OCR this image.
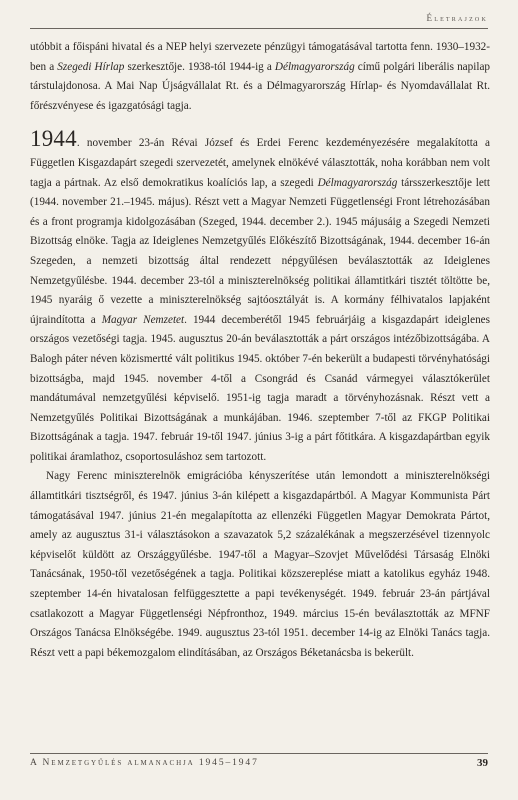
Életrajzok

utóbbit a főispáni hivatal és a NEP helyi szervezete pénzügyi támogatásával tartotta fenn. 1930–1932-ben a Szegedi Hírlap szerkesztője. 1938-tól 1944-ig a Délmagyarország című polgári liberális napilap társtulajdonosa. A Mai Nap Újságvállalat Rt. és a Délmagyarország Hírlap- és Nyomdavállalat Rt. főrészvényese és igazgatósági tagja.

1944. november 23-án Révai József és Erdei Ferenc kezdeményezésére megalakította a Független Kisgazdapárt szegedi szervezetét, amelynek elnökévé választották, noha korábban nem volt tagja a pártnak. Az első demokratikus koalíciós lap, a szegedi Délmagyarország társszerkesztője lett (1944. november 21.–1945. május). Részt vett a Magyar Nemzeti Függetlenségi Front létrehozásában és a front programja kidolgozásában (Szeged, 1944. december 2.). 1945 májusáig a Szegedi Nemzeti Bizottság elnöke. Tagja az Ideiglenes Nemzetgyűlés Előkészítő Bizottságának, 1944. december 16-án Szegeden, a nemzeti bizottság által rendezett népgyűlésen beválasztották az Ideiglenes Nemzetgyűlésbe. 1944. december 23-tól a miniszterelnökség politikai államtitkári tisztét töltötte be, 1945 nyaráig ő vezette a miniszterelnökség sajtóosztályát is. A kormány félhivatalos lapjaként újraindította a Magyar Nemzetet. 1944 decemberétől 1945 februárjáig a kisgazdapárt ideiglenes országos vezetőségi tagja. 1945. augusztus 20-án beválasztották a párt országos intézőbizottságába. A Balogh páter néven közismertté vált politikus 1945. október 7-én bekerült a budapesti törvényhatósági bizottságba, majd 1945. november 4-től a Csongrád és Csanád vármegyei választókerület mandátumával nemzetgyűlési képviselő. 1951-ig tagja maradt a törvényhozásnak. Részt vett a Nemzetgyűlés Politikai Bizottságának a munkájában. 1946. szeptember 7-től az FKGP Politikai Bizottságának a tagja. 1947. február 19-től 1947. június 3-ig a párt főtitkára. A kisgazdapártban egyik politikai áramlathoz, csoportosuláshoz sem tartozott.

Nagy Ferenc miniszterelnök emigrációba kényszerítése után lemondott a miniszterelnökségi államtitkári tisztségről, és 1947. június 3-án kilépett a kisgazdapártból. A Magyar Kommunista Párt támogatásával 1947. június 21-én megalapította az ellenzéki Független Magyar Demokrata Pártot, amely az augusztus 31-i választásokon a szavazatok 5,2 százalékának a megszerzésével tizennyolc képviselőt küldött az Országgyűlésbe. 1947-től a Magyar–Szovjet Művelődési Társaság Elnöki Tanácsának, 1950-től vezetőségének a tagja. Politikai közszereplése miatt a katolikus egyház 1948. szeptember 14-én hivatalosan felfüggesztette a papi tevékenységét. 1949. február 23-án pártjával csatlakozott a Magyar Függetlenségi Népfronthoz, 1949. március 15-én beválasztották az MFNF Országos Tanácsa Elnökségébe. 1949. augusztus 23-tól 1951. december 14-ig az Elnöki Tanács tagja. Részt vett a papi békemozgalom elindításában, az Országos Béketanácsba is bekerült.

A Nemzetgyűlés almanachja 1945–1947	39
